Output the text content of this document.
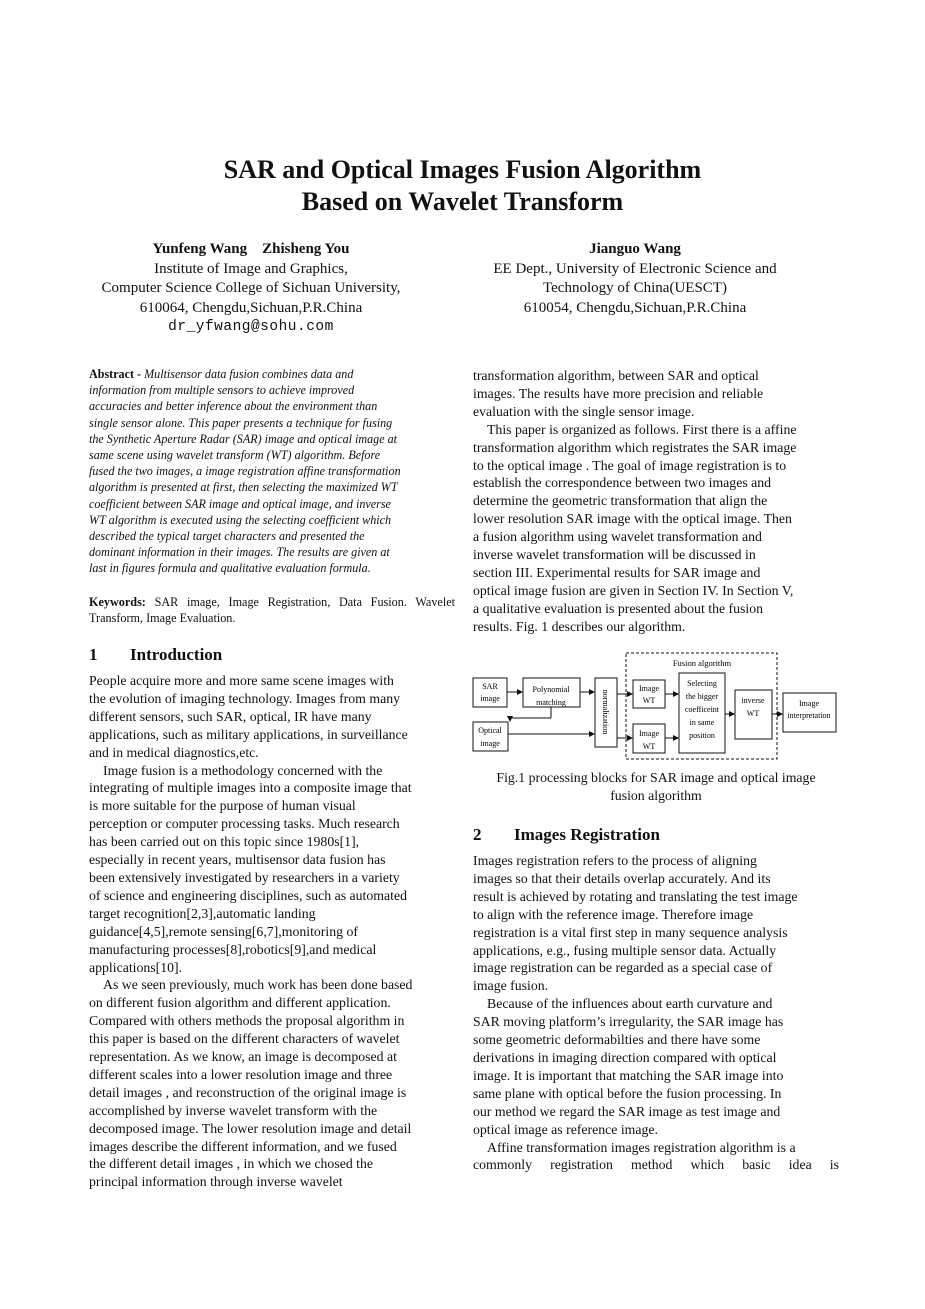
SAR and Optical Images Fusion Algorithm
Based on Wavelet Transform
Yunfeng Wang    Zhisheng You
Institute of Image and Graphics,
Computer Science College of Sichuan University,
610064, Chengdu,Sichuan,P.R.China
dr_yfwang@sohu.com
Jianguo Wang
EE Dept., University of Electronic Science and
Technology of China(UESCT)
610054, Chengdu,Sichuan,P.R.China
Abstract - Multisensor data fusion combines data and
information from multiple sensors to achieve improved
accuracies and better inference about the environment than
single sensor alone. This paper presents a technique for fusing
the Synthetic Aperture Radar (SAR) image and optical image at
same scene using wavelet transform (WT) algorithm. Before
fused the two images, a image registration affine transformation
algorithm is presented at first, then selecting the maximized WT
coefficient between SAR image and optical image, and inverse
WT algorithm is executed using the selecting coefficient which
described the typical target characters and presented the
dominant information in their images. The results are given at
last in figures formula and qualitative evaluation formula.
Keywords: SAR image, Image Registration, Data Fusion. Wavelet Transform, Image Evaluation.
1 Introduction

People acquire more and more same scene images with

the evolution of imaging technology. Images from many

different sensors, such SAR, optical, IR have many

applications, such as military applications, in surveillance

and in medical diagnostics,etc.

Image fusion is a methodology concerned with the

integrating of multiple images into a composite image that

is more suitable for the purpose of human visual

perception or computer processing tasks. Much research

has been carried out on this topic since 1980s[1],

especially in recent years, multisensor data fusion has

been extensively investigated by researchers in a variety

of science and engineering disciplines, such as automated

target recognition[2,3],automatic landing

guidance[4,5],remote sensing[6,7],monitoring of

manufacturing processes[8],robotics[9],and medical

applications[10].

As we seen previously, much work has been done based

on different fusion algorithm and different application.

Compared with others methods the proposal algorithm in

this paper is based on the different characters of wavelet

representation. As we know, an image is decomposed at

different scales into a lower resolution image and three

detail images , and reconstruction of the original image is

accomplished by inverse wavelet transform with the

decomposed image. The lower resolution image and detail

images describe the different information, and we fused

the different detail images , in which we chosed the

principal information through inverse wavelet

transformation algorithm, between SAR and optical

images. The results have more precision and reliable

evaluation with the single sensor image.

This paper is organized as follows. First there is a affine

transformation algorithm which registrates the SAR image

to the optical image . The goal of image registration is to

establish the correspondence between two images and

determine the geometric transformation that align the

lower resolution SAR image with the optical image. Then

a fusion algorithm using wavelet transformation and

inverse wavelet transformation will be discussed in

section III. Experimental results for SAR image and

optical image fusion are given in Section IV. In Section V,

a qualitative evaluation is presented about the fusion

results. Fig. 1 describes our algorithm.

Fusion algorithm
SAR
image
Optical
image
Polynomial
matching	normalization
Image
WT
Image
WT
Selecting
the bigger
coefficeint
in same
position
inverse
WT
Image
interpretation
Fig.1 processing blocks for SAR image and optical image
fusion algorithm
2 Images Registration

Images registration refers to the process of aligning

images so that their details overlap accurately. And its

result is achieved by rotating and translating the test image

to align with the reference image. Therefore image

registration is a vital first step in many sequence analysis

applications, e.g., fusing multiple sensor data. Actually

image registration can be regarded as a special case of

image fusion.

Because of the influences about earth curvature and

SAR moving platform’s irregularity, the SAR image has

some geometric deformabilties and there have some

derivations in imaging direction compared with optical

image. It is important that matching the SAR image into

same plane with optical before the fusion processing. In

our method we regard the SAR image as test image and

optical image as reference image.

Affine transformation images registration algorithm is a

commonly registration method which basic idea is
